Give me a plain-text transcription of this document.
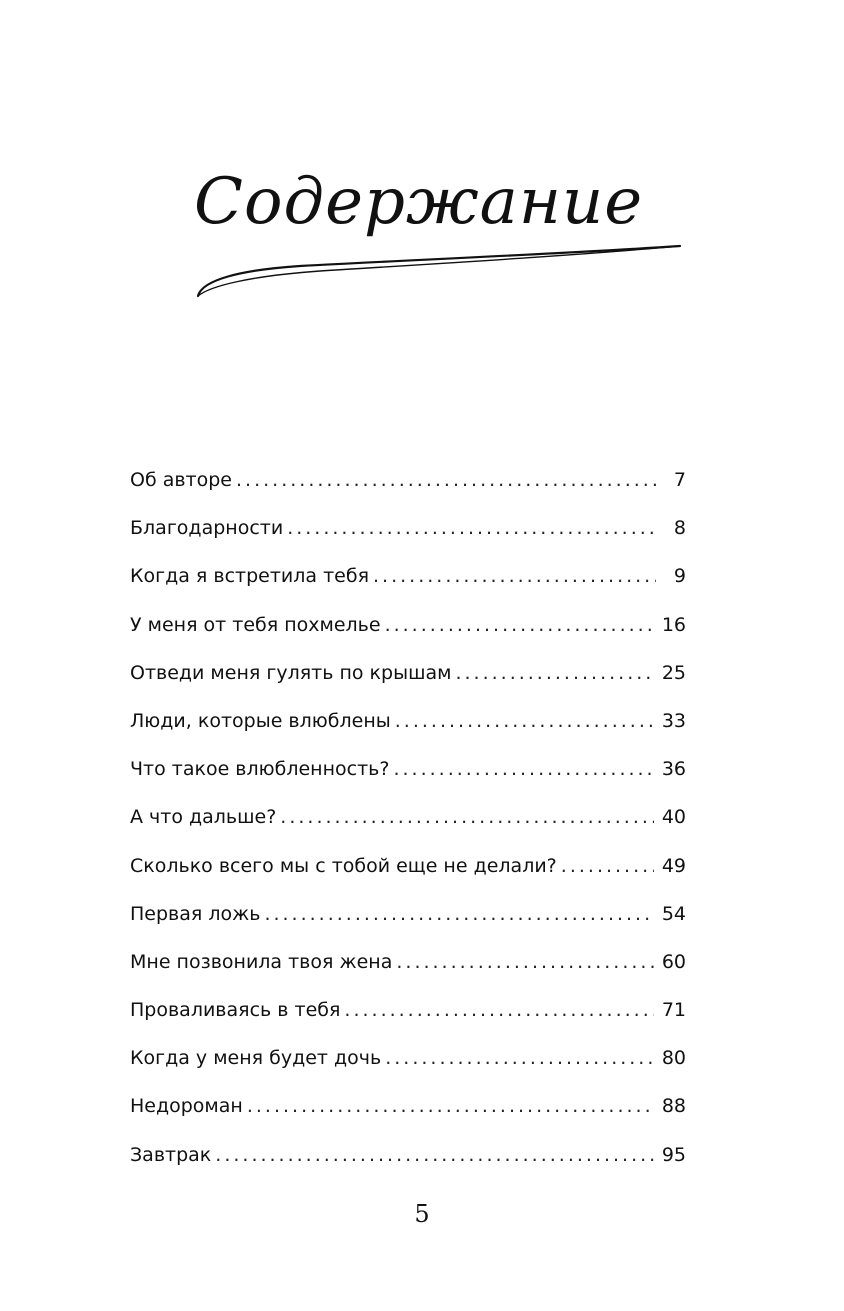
Содержание
Об авторе .....	7
Благодарности .....	8
Когда я встретила тебя .....	9
У меня от тебя похмелье .....	16
Отведи меня гулять по крышам .....	25
Люди, которые влюблены .....	33
Что такое влюбленность? .....	36
А что дальше? .....	40
Сколько всего мы с тобой еще не делали? .....	49
Первая ложь .....	54
Мне позвонила твоя жена .....	60
Проваливаясь в тебя .....	71
Когда у меня будет дочь .....	80
Недороман .....	88
Завтрак .....	95
5
